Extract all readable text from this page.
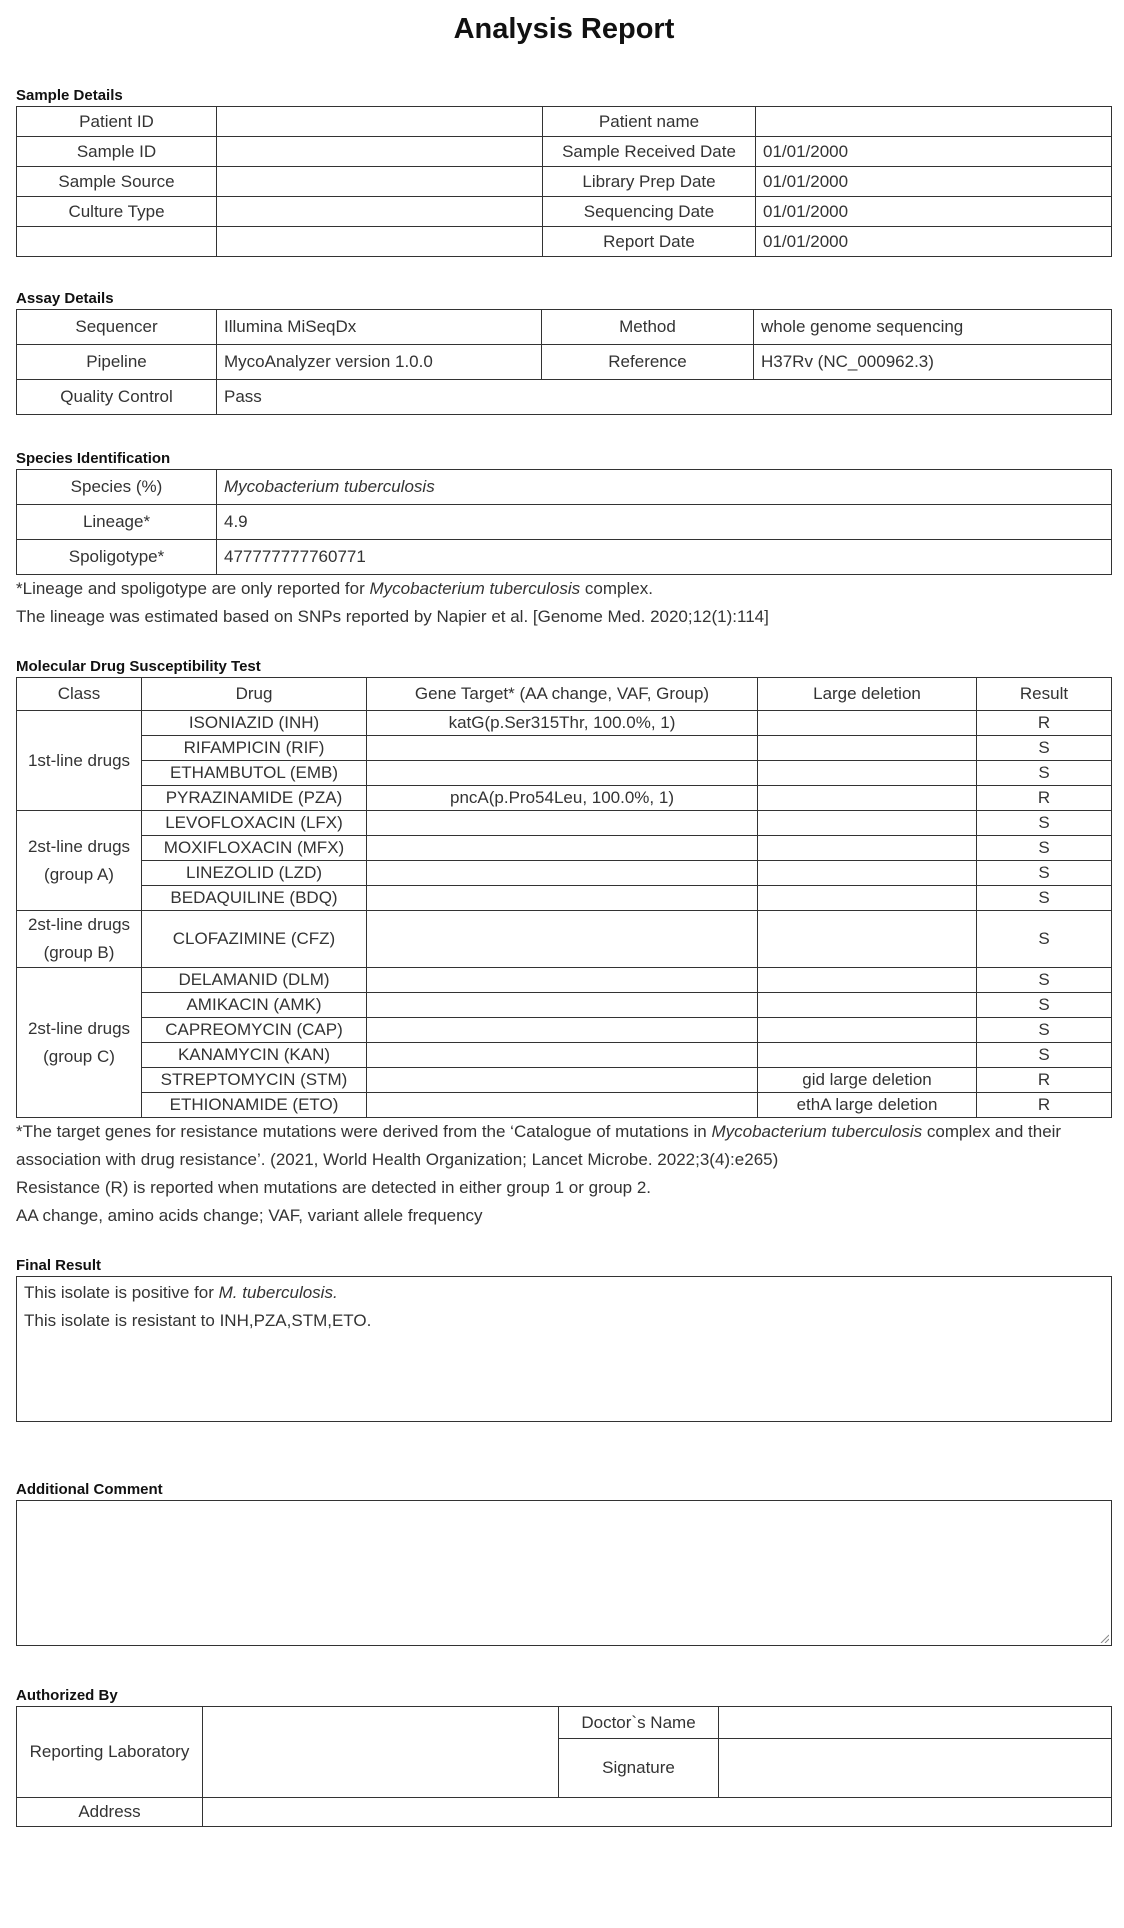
Analysis Report
Sample Details
Patient ID		Patient name	
Sample ID		Sample Received Date	01/01/2000
Sample Source		Library Prep Date	01/01/2000
Culture Type		Sequencing Date	01/01/2000
		Report Date	01/01/2000
Assay Details
Sequencer	Illumina MiSeqDx	Method	whole genome sequencing
Pipeline	MycoAnalyzer version 1.0.0	Reference	H37Rv (NC_000962.3)
Quality Control	Pass		
Species Identification
Species (%)	Mycobacterium tuberculosis
Lineage*	4.9
Spoligotype*	477777777760771
*Lineage and spoligotype are only reported for Mycobacterium tuberculosis complex.
The lineage was estimated based on SNPs reported by Napier et al. [Genome Med. 2020;12(1):114]
Molecular Drug Susceptibility Test
Class	Drug	Gene Target* (AA change, VAF, Group)	Large deletion	Result

1st-line drugs	ISONIAZID (INH)	katG(p.Ser315Thr, 100.0%, 1)		R
	RIFAMPICIN (RIF)			S
	ETHAMBUTOL (EMB)			S
	PYRAZINAMIDE (PZA)	pncA(p.Pro54Leu, 100.0%, 1)		R

2st-line drugs
(group A)	LEVOFLOXACIN (LFX)			S
	MOXIFLOXACIN (MFX)			S
	LINEZOLID (LZD)			S
	BEDAQUILINE (BDQ)			S

2st-line drugs
(group B)	CLOFAZIMINE (CFZ)			S

2st-line drugs
(group C)	DELAMANID (DLM)			S
	AMIKACIN (AMK)			S
	CAPREOMYCIN (CAP)			S
	KANAMYCIN (KAN)			S
	STREPTOMYCIN (STM)		gid large deletion	R
	ETHIONAMIDE (ETO)		ethA large deletion	R
*The target genes for resistance mutations were derived from the ‘Catalogue of mutations in Mycobacterium tuberculosis complex and their association with drug resistance’. (2021, World Health Organization; Lancet Microbe. 2022;3(4):e265)
Resistance (R) is reported when mutations are detected in either group 1 or group 2.
AA change, amino acids change; VAF, variant allele frequency
Final Result
This isolate is positive for M. tuberculosis.
This isolate is resistant to INH,PZA,STM,ETO.
Additional Comment
Authorized By
Reporting Laboratory		Doctor`s Name	
		Signature	
Address			
